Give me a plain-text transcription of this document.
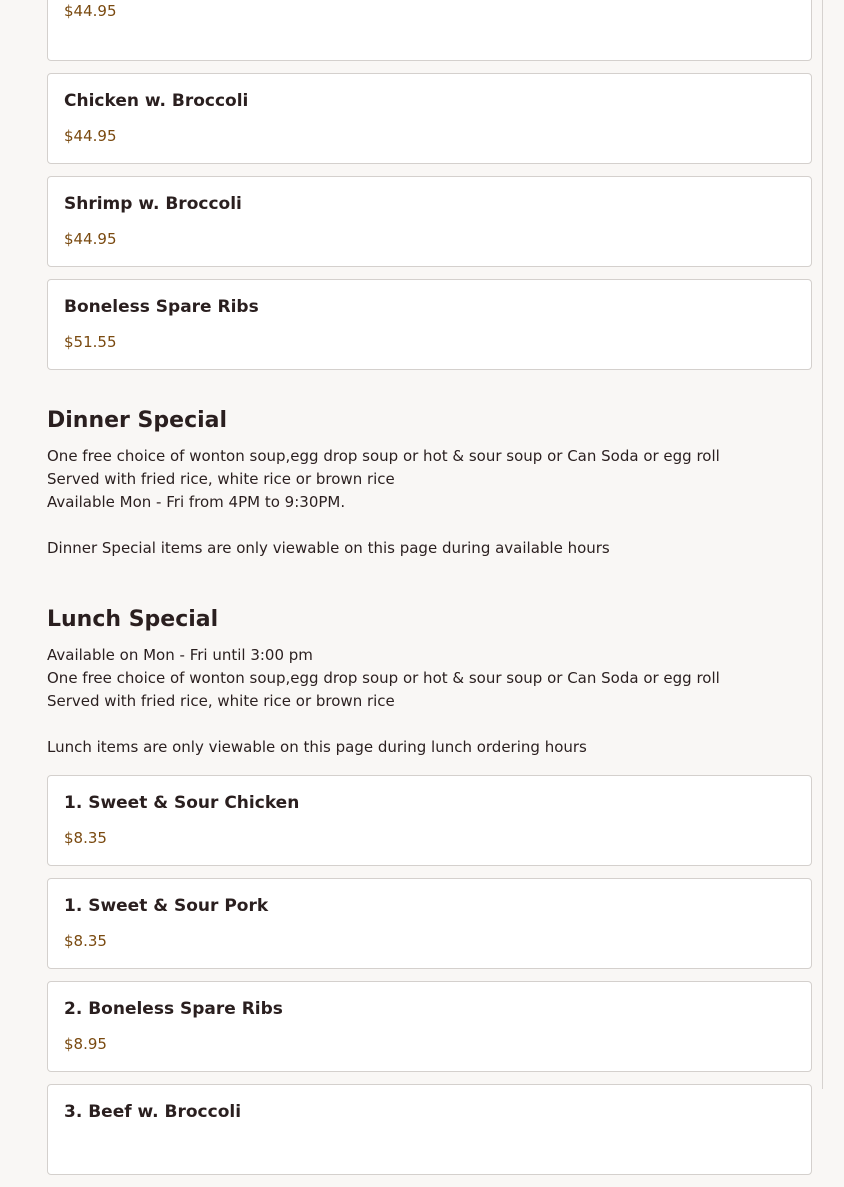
$44.95
Chicken w. Broccoli
$44.95
Shrimp w. Broccoli
$44.95
Boneless Spare Ribs
$51.55
Dinner Special
One free choice of wonton soup,egg drop soup or hot & sour soup or Can Soda or egg roll
Served with fried rice, white rice or brown rice
Available Mon - Fri from 4PM to 9:30PM.
Dinner Special items are only viewable on this page during available hours
Lunch Special
Available on Mon - Fri until 3:00 pm
One free choice of wonton soup,egg drop soup or hot & sour soup or Can Soda or egg roll
Served with fried rice, white rice or brown rice
Lunch items are only viewable on this page during lunch ordering hours
1. Sweet & Sour Chicken
$8.35
1. Sweet & Sour Pork
$8.35
2. Boneless Spare Ribs
$8.95
3. Beef w. Broccoli
